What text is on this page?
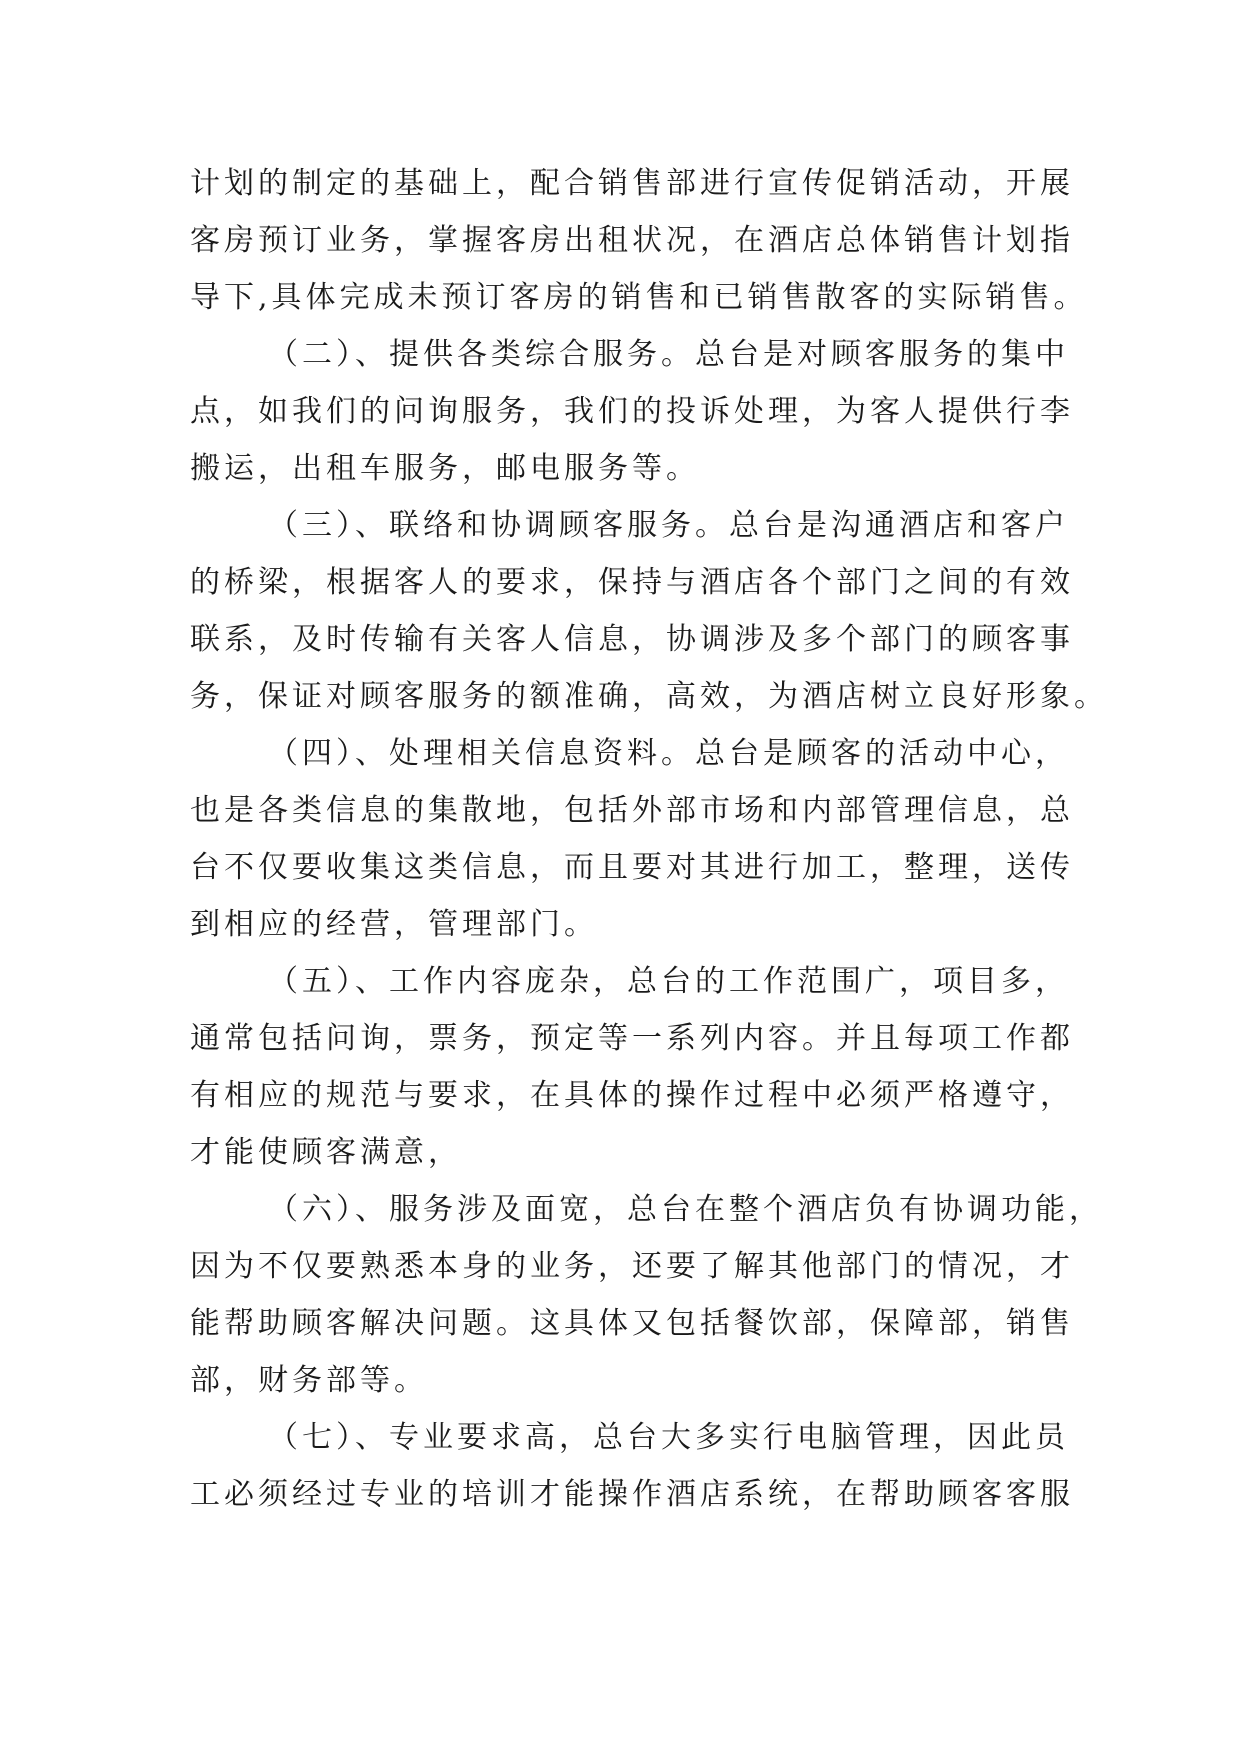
计划的制定的基础上，配合销售部进行宣传促销活动，开展
客房预订业务，掌握客房出租状况，在酒店总体销售计划指
导下,具体完成未预订客房的销售和已销售散客的实际销售。
（二）、提供各类综合服务。总台是对顾客服务的集中
点，如我们的问询服务，我们的投诉处理，为客人提供行李
搬运，出租车服务，邮电服务等。
（三）、联络和协调顾客服务。总台是沟通酒店和客户
的桥梁，根据客人的要求，保持与酒店各个部门之间的有效
联系，及时传输有关客人信息，协调涉及多个部门的顾客事
务，保证对顾客服务的额准确，高效，为酒店树立良好形象。
（四）、处理相关信息资料。总台是顾客的活动中心，
也是各类信息的集散地，包括外部市场和内部管理信息，总
台不仅要收集这类信息，而且要对其进行加工，整理，送传
到相应的经营，管理部门。
（五）、工作内容庞杂，总台的工作范围广，项目多，
通常包括问询，票务，预定等一系列内容。并且每项工作都
有相应的规范与要求，在具体的操作过程中必须严格遵守，
才能使顾客满意，
（六）、服务涉及面宽，总台在整个酒店负有协调功能，
因为不仅要熟悉本身的业务，还要了解其他部门的情况，才
能帮助顾客解决问题。这具体又包括餐饮部，保障部，销售
部，财务部等。
（七）、专业要求高，总台大多实行电脑管理，因此员
工必须经过专业的培训才能操作酒店系统，在帮助顾客客服
